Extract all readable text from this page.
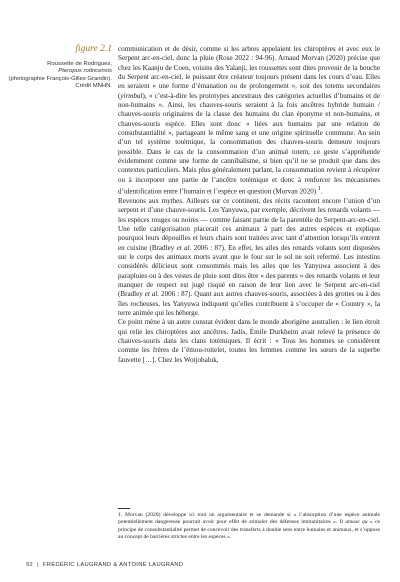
figure 2.1
Roussette de Rodrigues,
Pteropus rodricensis
(photographie François-Gilles Grandin). Crédit MNHN.

communication et de désir, comme si les arbres appelaient les chiroptères et avec eux le Serpent arc-en-ciel, donc la pluie (Rose 2022 : 94-96). Arnaud Morvan (2020) précise que chez les Kaanju de Coen, voisins des Yalanji, les roussettes sont dites provenir de la bouche du Serpent arc-en-ciel, le puissant être créateur toujours présent dans les cours d’eau. Elles en seraient « une forme d’émanation ou de prolongement », soit des totems secondaires (yirmbal), « c’est-à-dire les prototypes ancestraux des catégories actuelles d’humains et de non-humains ». Ainsi, les chauves-souris seraient à la fois ancêtres hybride humain / chauves-souris originaires de la classe des humains du clan éponyme et non-humains, et chauves-souris espèce. Elles sont donc « liées aux humains par une relation de consubstantialité », partageant le même sang et une origine spirituelle commune. Au sein d’un tel système totémique, la consommation des chauves-souris demeure toujours possible. Dans le cas de la consommation d’un animal totem, ce geste s’appréhende évidemment comme une forme de cannibalisme, si bien qu’il ne se produit que dans des contextes particuliers. Mais plus généralement parlant, la consommation revient à récupérer ou à incorporer une partie de l’ancêtre totémique et donc à renforcer les mécanismes d’identification entre l’humain et l’espèce en question (Morvan 2020) $^1$.

Revenons aux mythes. Ailleurs sur ce continent, des récits racontent encore l’union d’un serpent et d’une chauve-souris. Les Yanyuwa, par exemple, décrivent les renards volants — les espèces rouges ou noires — comme faisant partie de la parentèle du Serpent-arc-en-ciel. Une telle catégorisation placerait ces animaux à part des autres espèces et explique pourquoi leurs dépouilles et leurs chairs sont traitées avec tant d’attention lorsqu’ils entrent en cuisine (Bradley et al. 2006 : 87). En effet, les ailes des renards volants sont disposées sur le corps des animaux morts avant que le four sur le sol ne soit refermé. Les intestins considérés délicieux sont consommés mais les ailes que les Yanyuwa associent à des parapluies ou à des vestes de pluie sont dites être « des parents » des renards volants et leur manquer de respect est jugé risqué en raison de leur lien avec le Serpent arc-en-ciel (Bradley et al. 2006 : 87). Quant aux autres chauves-souris, associées à des grottes ou à des îles rocheuses, les Yanyuwa indiquent qu’elles contribuent à s’occuper de « Country », la terre animée qui les héberge.

Ce point mène à un autre constat évident dans le monde aborigène australien : le lien étroit qui relie les chiroptères aux ancêtres. Jadis, Émile Durkheim avait relevé la présence de chauves-souris dans les clans totémiques. Il écrit : « Tous les hommes se considèrent comme les frères de l’émou-roitelet, toutes les femmes comme les sœurs de la superbe fauvette […]. Chez les Wotjobaluk,

1. Morvan (2020) développe ici tout un argumentaire et se demande si « l’absorption d’une espèce animale potentiellement dangereuse pourrait avoir pour effet de stimuler des défenses immunitaires ». Il amuse qu « ce principe de consubstantialité permet de concevoir des transferts à double sens entre humains et animaux, et s’oppose au concept de barrières strictes entre les espèces ».
92 | FRÉDÉRIC LAUGRAND & ANTOINE LAUGRAND
